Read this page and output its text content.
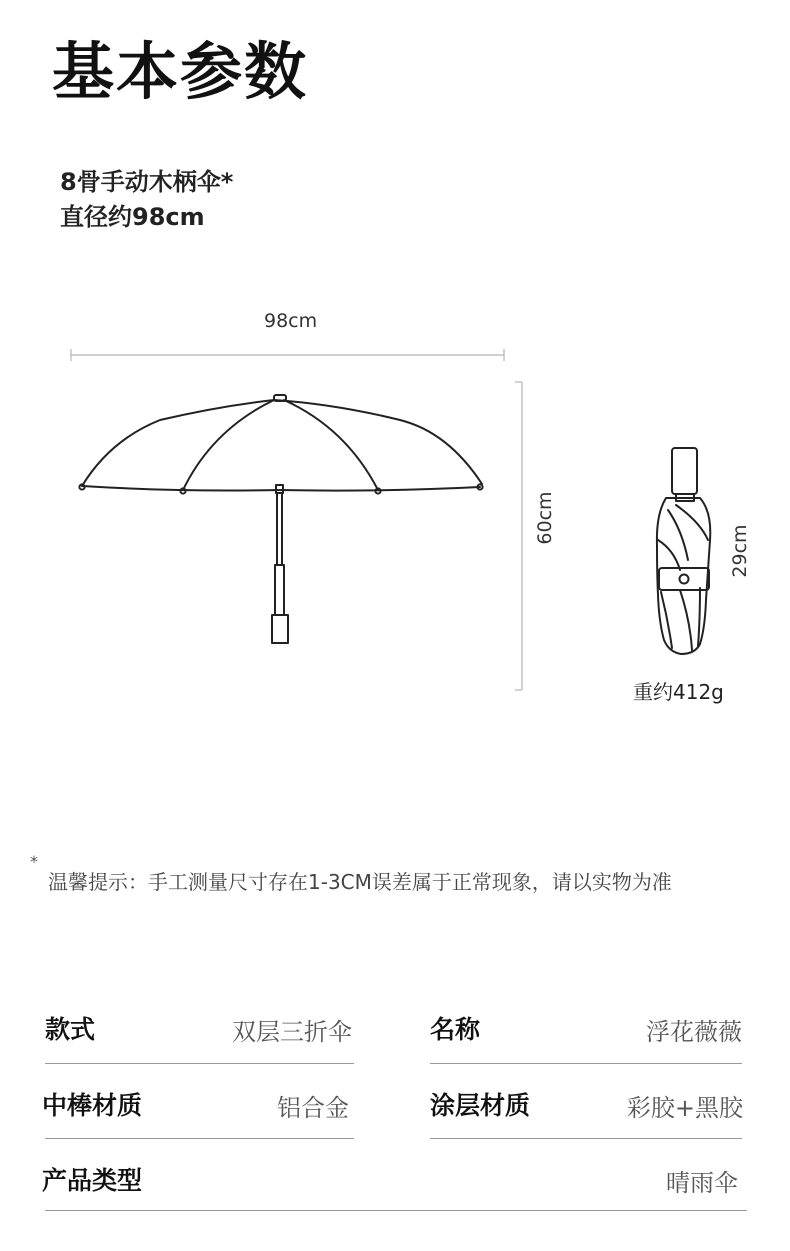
基本参数
8骨手动木柄伞*
直径约98cm
98cm
60cm
29cm
重约412g
*
温馨提示：手工测量尺寸存在1-3CM误差属于正常现象，请以实物为准
款式	双层三折伞	名称	浮花薇薇
中棒材质	铝合金	涂层材质	彩胶+黑胶
产品类型	晴雨伞
